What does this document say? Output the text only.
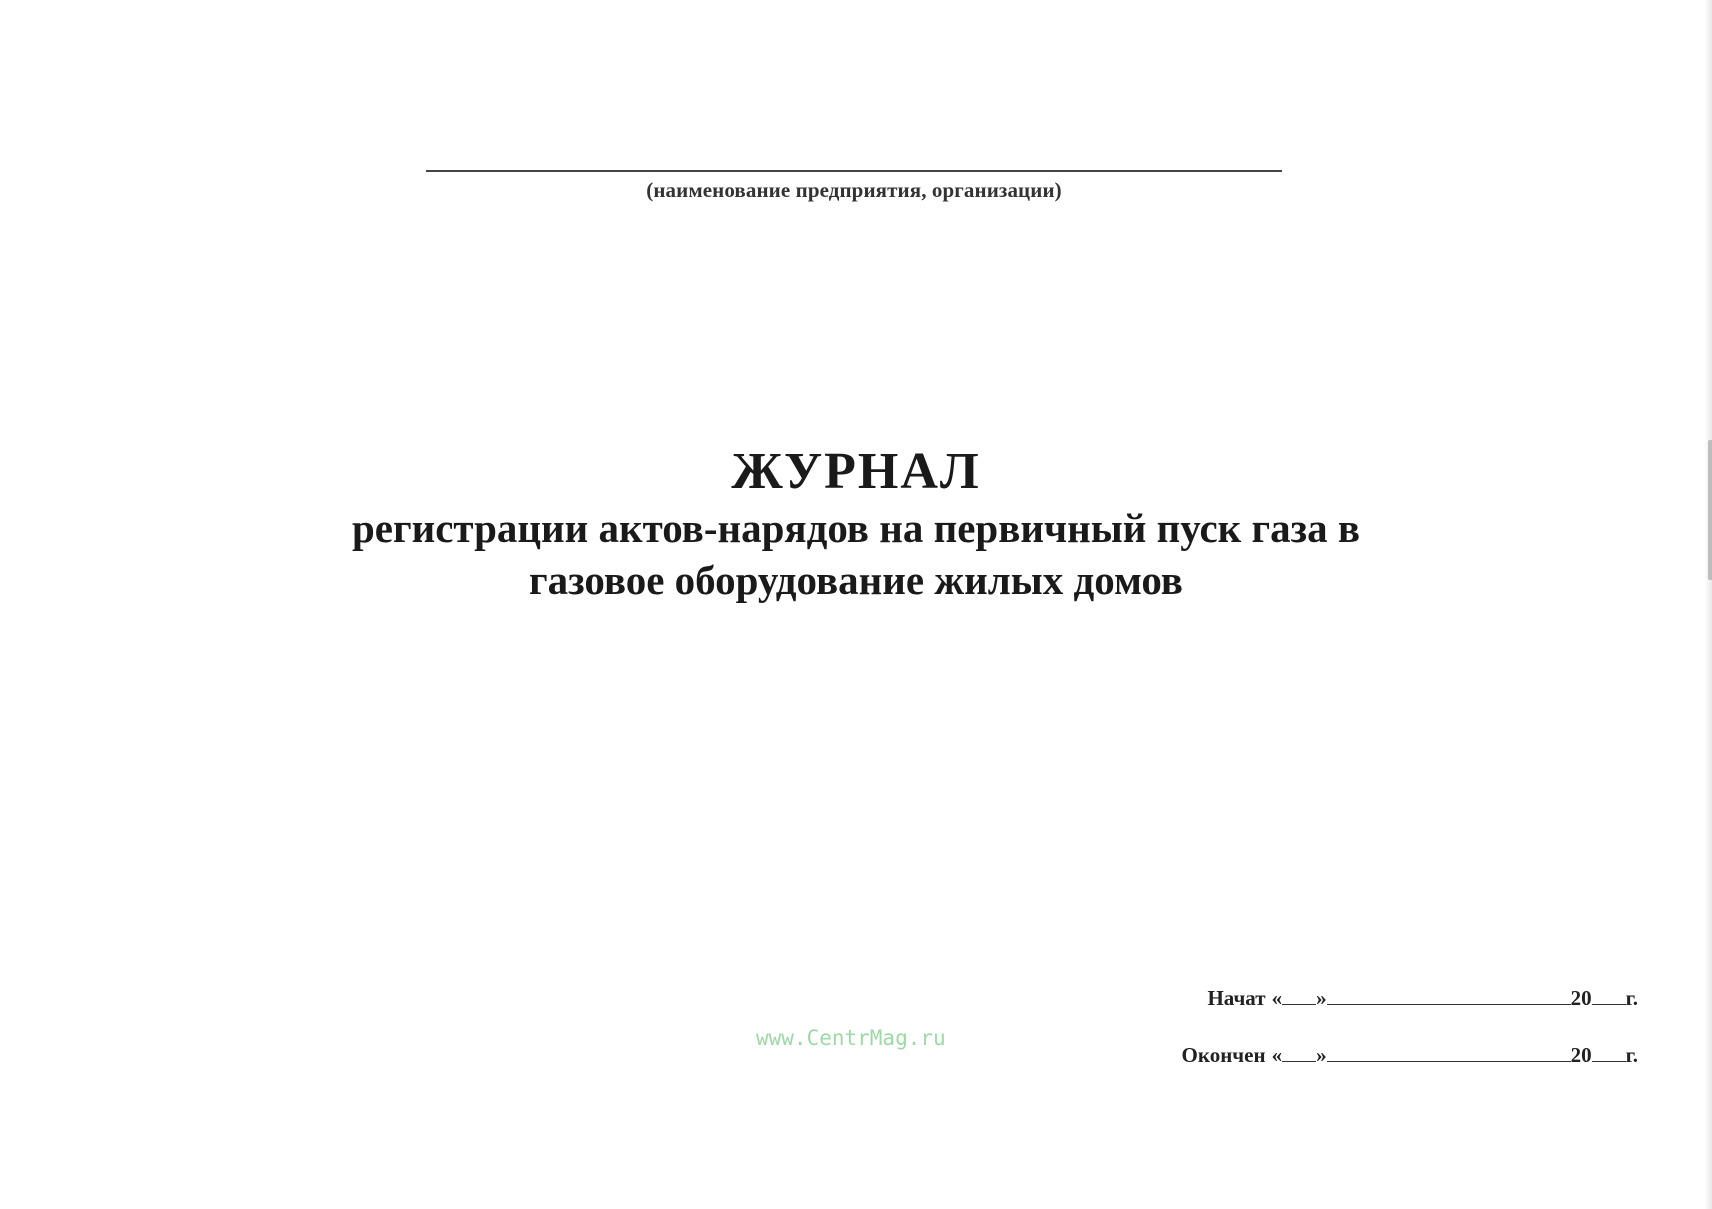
(наименование предприятия, организации)
ЖУРНАЛ
регистрации актов-нарядов на первичный пуск газа в
газовое оборудование жилых домов
www.CentrMag.ru
Начат « »	20 г.
Окончен « »	20 г.
